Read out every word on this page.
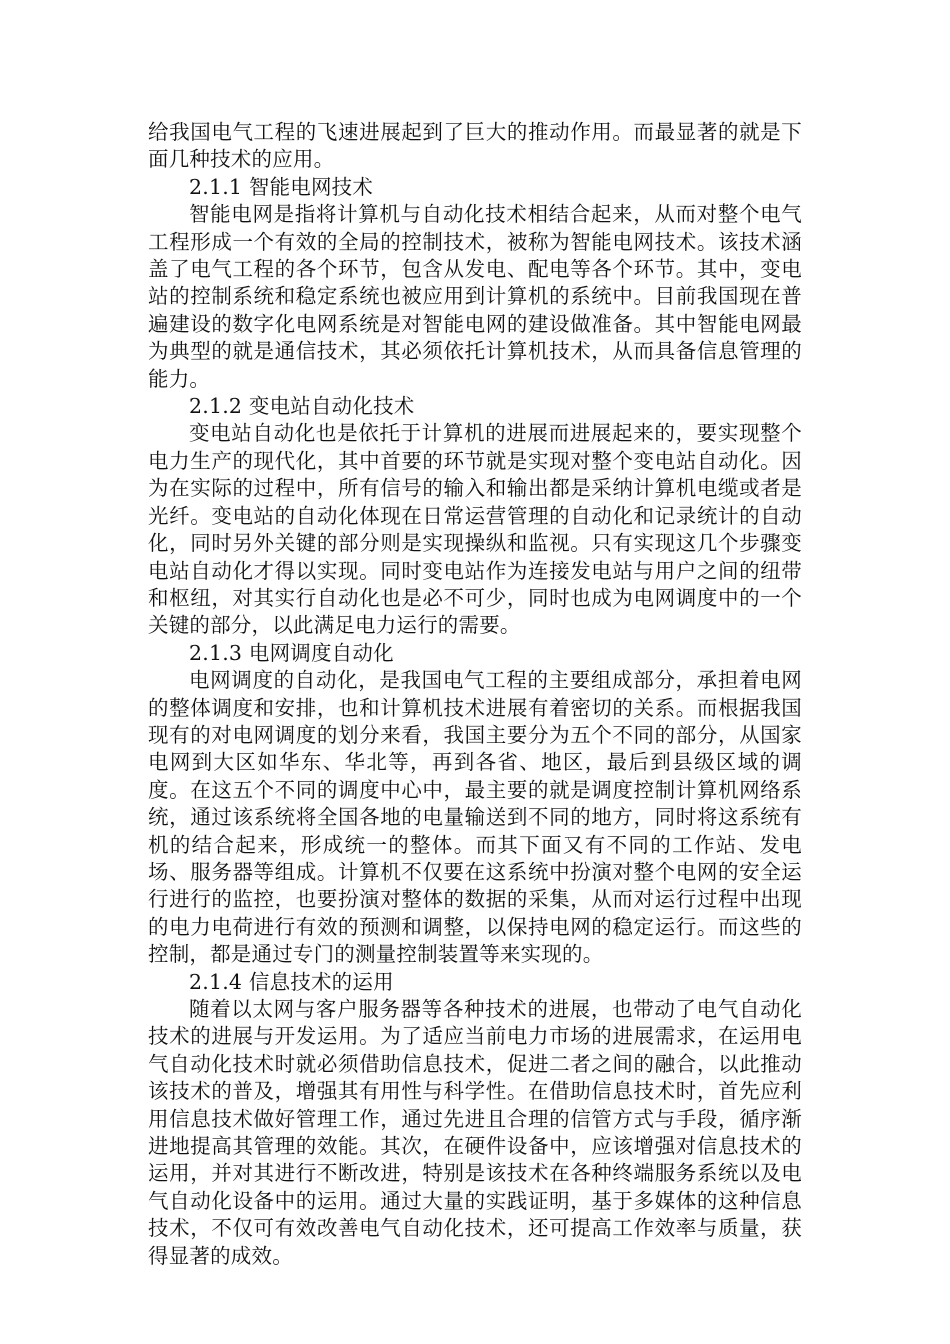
给我国电气工程的飞速进展起到了巨大的推动作用。而最显著的就是下面几种技术的应用。

2.1.1 智能电网技术

智能电网是指将计算机与自动化技术相结合起来，从而对整个电气工程形成一个有效的全局的控制技术，被称为智能电网技术。该技术涵盖了电气工程的各个环节，包含从发电、配电等各个环节。其中，变电站的控制系统和稳定系统也被应用到计算机的系统中。目前我国现在普遍建设的数字化电网系统是对智能电网的建设做准备。其中智能电网最为典型的就是通信技术，其必须依托计算机技术，从而具备信息管理的能力。

2.1.2 变电站自动化技术

变电站自动化也是依托于计算机的进展而进展起来的，要实现整个电力生产的现代化，其中首要的环节就是实现对整个变电站自动化。因为在实际的过程中，所有信号的输入和输出都是采纳计算机电缆或者是光纤。变电站的自动化体现在日常运营管理的自动化和记录统计的自动化，同时另外关键的部分则是实现操纵和监视。只有实现这几个步骤变电站自动化才得以实现。同时变电站作为连接发电站与用户之间的纽带和枢纽，对其实行自动化也是必不可少，同时也成为电网调度中的一个关键的部分，以此满足电力运行的需要。

2.1.3 电网调度自动化

电网调度的自动化，是我国电气工程的主要组成部分，承担着电网的整体调度和安排，也和计算机技术进展有着密切的关系。而根据我国现有的对电网调度的划分来看，我国主要分为五个不同的部分，从国家电网到大区如华东、华北等，再到各省、地区，最后到县级区域的调度。在这五个不同的调度中心中，最主要的就是调度控制计算机网络系统，通过该系统将全国各地的电量输送到不同的地方，同时将这系统有机的结合起来，形成统一的整体。而其下面又有不同的工作站、发电场、服务器等组成。计算机不仅要在这系统中扮演对整个电网的安全运行进行的监控，也要扮演对整体的数据的采集，从而对运行过程中出现的电力电荷进行有效的预测和调整，以保持电网的稳定运行。而这些的控制，都是通过专门的测量控制装置等来实现的。

2.1.4 信息技术的运用

随着以太网与客户服务器等各种技术的进展，也带动了电气自动化技术的进展与开发运用。为了适应当前电力市场的进展需求，在运用电气自动化技术时就必须借助信息技术，促进二者之间的融合，以此推动该技术的普及，增强其有用性与科学性。在借助信息技术时，首先应利用信息技术做好管理工作，通过先进且合理的信管方式与手段，循序渐进地提高其管理的效能。其次，在硬件设备中，应该增强对信息技术的运用，并对其进行不断改进，特别是该技术在各种终端服务系统以及电气自动化设备中的运用。通过大量的实践证明，基于多媒体的这种信息技术，不仅可有效改善电气自动化技术，还可提高工作效率与质量，获得显著的成效。
